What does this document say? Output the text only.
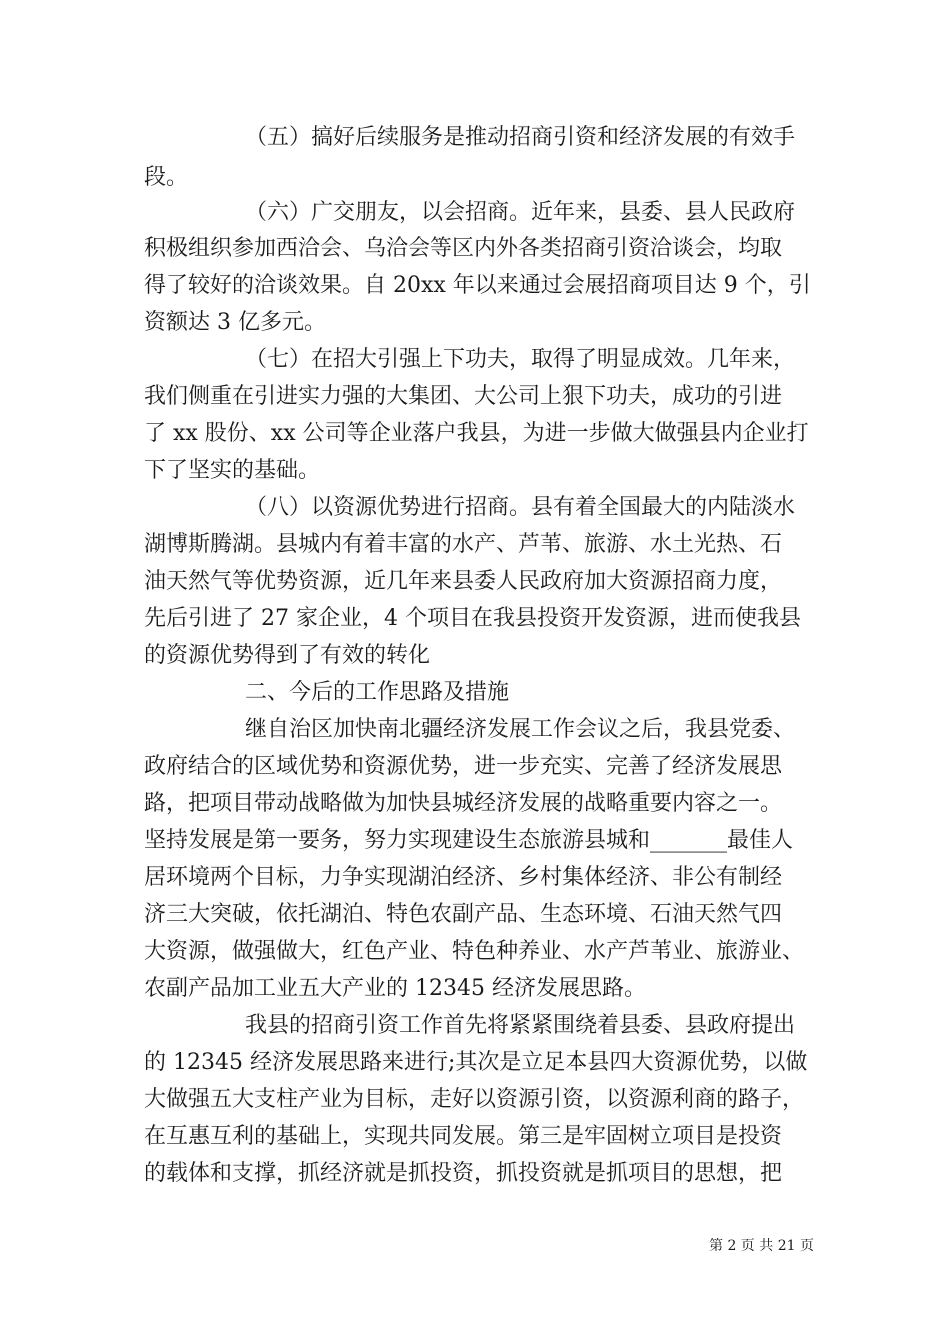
（五）搞好后续服务是推动招商引资和经济发展的有效手
段。
（六）广交朋友，以会招商。近年来，县委、县人民政府
积极组织参加西洽会、乌洽会等区内外各类招商引资洽谈会，均取
得了较好的洽谈效果。自 20xx 年以来通过会展招商项目达 9 个，引
资额达 3 亿多元。
（七）在招大引强上下功夫，取得了明显成效。几年来，
我们侧重在引进实力强的大集团、大公司上狠下功夫，成功的引进
了 xx 股份、xx 公司等企业落户我县，为进一步做大做强县内企业打
下了坚实的基础。
（八）以资源优势进行招商。县有着全国最大的内陆淡水
湖博斯腾湖。县城内有着丰富的水产、芦苇、旅游、水土光热、石
油天然气等优势资源，近几年来县委人民政府加大资源招商力度，
先后引进了 27 家企业，4 个项目在我县投资开发资源，进而使我县
的资源优势得到了有效的转化
二、今后的工作思路及措施
继自治区加快南北疆经济发展工作会议之后，我县党委、
政府结合的区域优势和资源优势，进一步充实、完善了经济发展思
路，把项目带动战略做为加快县城经济发展的战略重要内容之一。
坚持发展是第一要务，努力实现建设生态旅游县城和_______最佳人
居环境两个目标，力争实现湖泊经济、乡村集体经济、非公有制经
济三大突破，依托湖泊、特色农副产品、生态环境、石油天然气四
大资源，做强做大，红色产业、特色种养业、水产芦苇业、旅游业、
农副产品加工业五大产业的 12345 经济发展思路。
我县的招商引资工作首先将紧紧围绕着县委、县政府提出
的 12345 经济发展思路来进行;其次是立足本县四大资源优势，以做
大做强五大支柱产业为目标，走好以资源引资，以资源利商的路子，
在互惠互利的基础上，实现共同发展。第三是牢固树立项目是投资
的载体和支撑，抓经济就是抓投资，抓投资就是抓项目的思想，把
第 2 页 共 21 页
